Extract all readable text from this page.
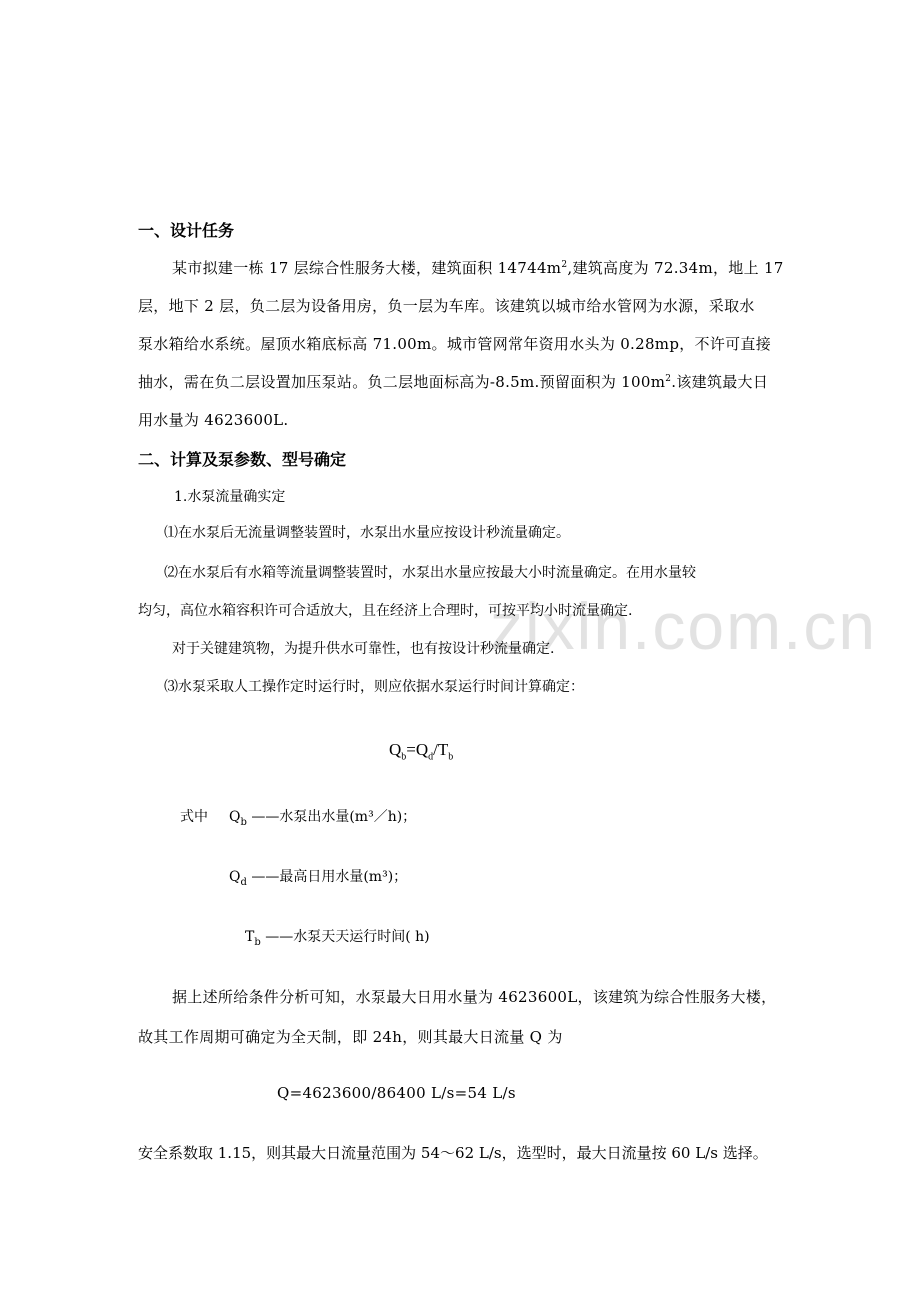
zixin.com.cn
一、设计任务
某市拟建一栋 17 层综合性服务大楼，建筑面积 $14744m^2$,建筑高度为 72.34m，地上 17
层，地下 2 层，负二层为设备用房，负一层为车库。该建筑以城市给水管网为水源，采取水
泵水箱给水系统。屋顶水箱底标高 71.00m。城市管网常年资用水头为 0.28mp，不许可直接
抽水，需在负二层设置加压泵站。负二层地面标高为-8.5m.预留面积为 $100m^2$.该建筑最大日
用水量为 4623600L.
二、计算及泵参数、型号确定
1.水泵流量确实定
⑴在水泵后无流量调整装置时，水泵出水量应按设计秒流量确定。
⑵在水泵后有水箱等流量调整装置时，水泵出水量应按最大小时流量确定。在用水量较
均匀，高位水箱容积许可合适放大，且在经济上合理时，可按平均小时流量确定.
对于关键建筑物，为提升供水可靠性，也有按设计秒流量确定.
⑶水泵采取人工操作定时运行时，则应依据水泵运行时间计算确定：
$Q_b=Q_d/T_b$
式中 $Q_b$ ——水泵出水量(m³／h)；
$Q_d$ ——最高日用水量(m³)；
$T_b$ ——水泵天天运行时间( h)
据上述所给条件分析可知，水泵最大日用水量为 4623600L，该建筑为综合性服务大楼，
故其工作周期可确定为全天制，即 24h，则其最大日流量 Q 为
Q=4623600/86400 L/s=54 L/s
安全系数取 1.15，则其最大日流量范围为 54～62 L/s，选型时，最大日流量按 60 L/s 选择。
